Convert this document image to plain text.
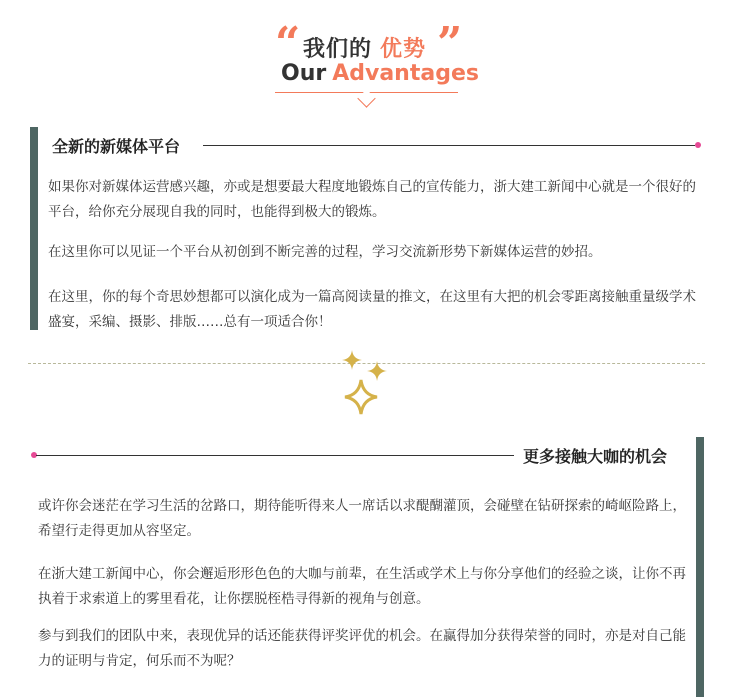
“ 我们的 优势 ”
Our Advantages
全新的新媒体平台
如果你对新媒体运营感兴趣，亦或是想要最大程度地锻炼自己的宣传能力，浙大建工新闻中心就是一个很好的平台，给你充分展现自我的同时，也能得到极大的锻炼。
在这里你可以见证一个平台从初创到不断完善的过程，学习交流新形势下新媒体运营的妙招。
在这里，你的每个奇思妙想都可以演化成为一篇高阅读量的推文，在这里有大把的机会零距离接触重量级学术盛宴，采编、摄影、排版……总有一项适合你！
更多接触大咖的机会
或许你会迷茫在学习生活的岔路口，期待能听得来人一席话以求醍醐灌顶，会碰壁在钻研探索的崎岖险路上，希望行走得更加从容坚定。
在浙大建工新闻中心，你会邂逅形形色色的大咖与前辈，在生活或学术上与你分享他们的经验之谈，让你不再执着于求索道上的雾里看花，让你摆脱桎梏寻得新的视角与创意。
参与到我们的团队中来，表现优异的话还能获得评奖评优的机会。在赢得加分获得荣誉的同时，亦是对自己能力的证明与肯定，何乐而不为呢？
